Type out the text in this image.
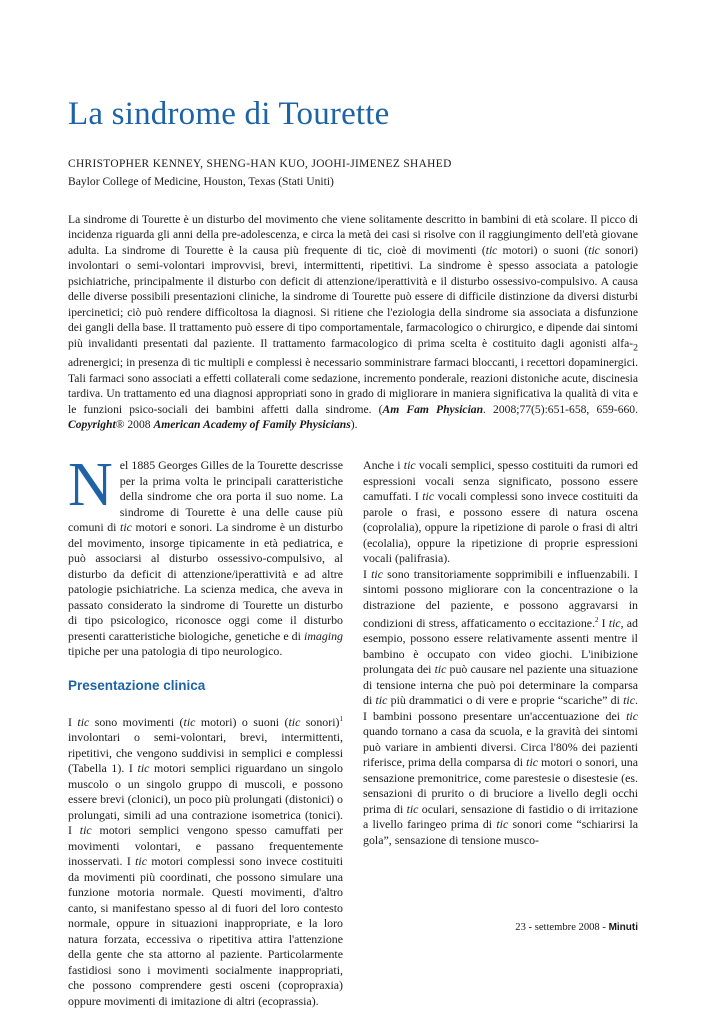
La sindrome di Tourette
CHRISTOPHER KENNEY, SHENG-HAN KUO, JOOHI-JIMENEZ SHAHED
Baylor College of Medicine, Houston, Texas (Stati Uniti)

La sindrome di Tourette è un disturbo del movimento che viene solitamente descritto in bambini di età scolare. Il picco di incidenza riguarda gli anni della pre-adolescenza, e circa la metà dei casi si risolve con il raggiungimento dell'età giovane adulta. La sindrome di Tourette è la causa più frequente di tic, cioè di movimenti (tic motori) o suoni (tic sonori) involontari o semi-volontari improvvisi, brevi, intermittenti, ripetitivi. La sindrome è spesso associata a patologie psichiatriche, principalmente il disturbo con deficit di attenzione/iperattività e il disturbo ossessivo-compulsivo. A causa delle diverse possibili presentazioni cliniche, la sindrome di Tourette può essere di difficile distinzione da diversi disturbi ipercinetici; ciò può rendere difficoltosa la diagnosi. Si ritiene che l'eziologia della sindrome sia associata a disfunzione dei gangli della base. Il trattamento può essere di tipo comportamentale, farmacologico o chirurgico, e dipende dai sintomi più invalidanti presentati dal paziente. Il trattamento farmacologico di prima scelta è costituito dagli agonisti alfa-$_2$ adrenergici; in presenza di tic multipli e complessi è necessario somministrare farmaci bloccanti, i recettori dopaminergici. Tali farmaci sono associati a effetti collaterali come sedazione, incremento ponderale, reazioni distoniche acute, discinesia tardiva. Un trattamento ed una diagnosi appropriati sono in grado di migliorare in maniera significativa la qualità di vita e le funzioni psico-sociali dei bambini affetti dalla sindrome. (Am Fam Physician. 2008;77(5):651-658, 659-660. Copyright® 2008 American Academy of Family Physicians).

Nel 1885 Georges Gilles de la Tourette descrisse per la prima volta le principali caratteristiche della sindrome che ora porta il suo nome. La sindrome di Tourette è una delle cause più comuni di tic motori e sonori. La sindrome è un disturbo del movimento, insorge tipicamente in età pediatrica, e può associarsi al disturbo ossessivo-compulsivo, al disturbo da deficit di attenzione/iperattività e ad altre patologie psichiatriche. La scienza medica, che aveva in passato considerato la sindrome di Tourette un disturbo di tipo psicologico, riconosce oggi come il disturbo presenti caratteristiche biologiche, genetiche e di imaging tipiche per una patologia di tipo neurologico.

Presentazione clinica

I tic sono movimenti (tic motori) o suoni (tic sonori)$^1$ involontari o semi-volontari, brevi, intermittenti, ripetitivi, che vengono suddivisi in semplici e complessi (Tabella 1). I tic motori semplici riguardano un singolo muscolo o un singolo gruppo di muscoli, e possono essere brevi (clonici), un poco più prolungati (distonici) o prolungati, simili ad una contrazione isometrica (tonici). I tic motori semplici vengono spesso camuffati per movimenti volontari, e passano frequentemente inosservati. I tic motori complessi sono invece costituiti da movimenti più coordinati, che possono simulare una funzione motoria normale. Questi movimenti, d'altro canto, si manifestano spesso al di fuori del loro contesto normale, oppure in situazioni inappropriate, e la loro natura forzata, eccessiva o ripetitiva attira l'attenzione della gente che sta attorno al paziente. Particolarmente fastidiosi sono i movimenti socialmente inappropriati, che possono comprendere gesti osceni (copropraxia) oppure movimenti di imitazione di altri (ecoprassia).

Anche i tic vocali semplici, spesso costituiti da rumori ed espressioni vocali senza significato, possono essere camuffati. I tic vocali complessi sono invece costituiti da parole o frasi, e possono essere di natura oscena (coprolalia), oppure la ripetizione di parole o frasi di altri (ecolalia), oppure la ripetizione di proprie espressioni vocali (palifrasia).

I tic sono transitoriamente sopprimibili e influenzabili. I sintomi possono migliorare con la concentrazione o la distrazione del paziente, e possono aggravarsi in condizioni di stress, affaticamento o eccitazione.$^2$ I tic, ad esempio, possono essere relativamente assenti mentre il bambino è occupato con video giochi. L'inibizione prolungata dei tic può causare nel paziente una situazione di tensione interna che può poi determinare la comparsa di tic più drammatici o di vere e proprie “scariche” di tic. I bambini possono presentare un'accentuazione dei tic quando tornano a casa da scuola, e la gravità dei sintomi può variare in ambienti diversi. Circa l'80% dei pazienti riferisce, prima della comparsa di tic motori o sonori, una sensazione premonitrice, come parestesie o disestesie (es. sensazioni di prurito o di bruciore a livello degli occhi prima di tic oculari, sensazione di fastidio o di irritazione a livello faringeo prima di tic sonori come “schiarirsi la gola”, sensazione di tensione musco-

23 - settembre 2008 - Minuti
